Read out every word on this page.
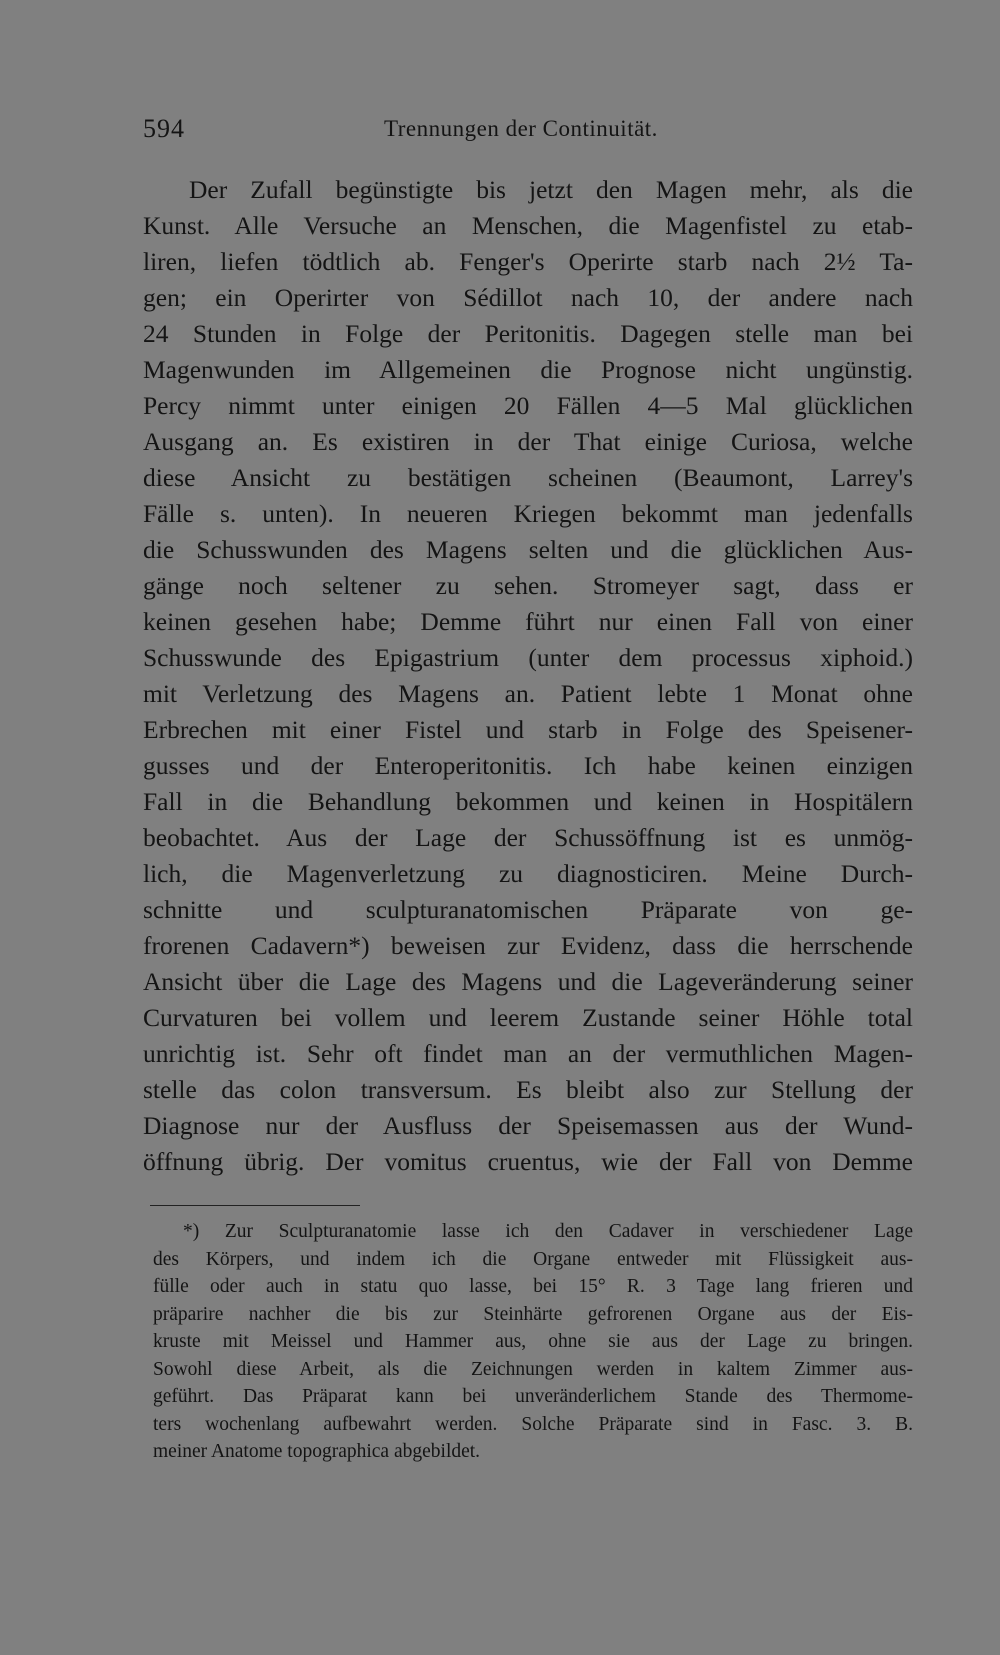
594	Trennungen der Continuität.
Der Zufall begünstigte bis jetzt den Magen mehr, als die
Kunst. Alle Versuche an Menschen, die Magenfistel zu etab-
liren, liefen tödtlich ab. Fenger's Operirte starb nach 2½ Ta-
gen; ein Operirter von Sédillot nach 10, der andere nach
24 Stunden in Folge der Peritonitis. Dagegen stelle man bei
Magenwunden im Allgemeinen die Prognose nicht ungünstig.
Percy nimmt unter einigen 20 Fällen 4—5 Mal glücklichen
Ausgang an. Es existiren in der That einige Curiosa, welche
diese Ansicht zu bestätigen scheinen (Beaumont, Larrey's
Fälle s. unten). In neueren Kriegen bekommt man jedenfalls
die Schusswunden des Magens selten und die glücklichen Aus-
gänge noch seltener zu sehen. Stromeyer sagt, dass er
keinen gesehen habe; Demme führt nur einen Fall von einer
Schusswunde des Epigastrium (unter dem processus xiphoid.)
mit Verletzung des Magens an. Patient lebte 1 Monat ohne
Erbrechen mit einer Fistel und starb in Folge des Speisener-
gusses und der Enteroperitonitis. Ich habe keinen einzigen
Fall in die Behandlung bekommen und keinen in Hospitälern
beobachtet. Aus der Lage der Schussöffnung ist es unmög-
lich, die Magenverletzung zu diagnosticiren. Meine Durch-
schnitte und sculpturanatomischen Präparate von ge-
frorenen Cadavern*) beweisen zur Evidenz, dass die herrschende
Ansicht über die Lage des Magens und die Lageveränderung seiner
Curvaturen bei vollem und leerem Zustande seiner Höhle total
unrichtig ist. Sehr oft findet man an der vermuthlichen Magen-
stelle das colon transversum. Es bleibt also zur Stellung der
Diagnose nur der Ausfluss der Speisemassen aus der Wund-
öffnung übrig. Der vomitus cruentus, wie der Fall von Demme
*) Zur Sculpturanatomie lasse ich den Cadaver in verschiedener Lage
des Körpers, und indem ich die Organe entweder mit Flüssigkeit aus-
fülle oder auch in statu quo lasse, bei 15° R. 3 Tage lang frieren und
präparire nachher die bis zur Steinhärte gefrorenen Organe aus der Eis-
kruste mit Meissel und Hammer aus, ohne sie aus der Lage zu bringen.
Sowohl diese Arbeit, als die Zeichnungen werden in kaltem Zimmer aus-
geführt. Das Präparat kann bei unveränderlichem Stande des Thermome-
ters wochenlang aufbewahrt werden. Solche Präparate sind in Fasc. 3. B.
meiner Anatome topographica abgebildet.
